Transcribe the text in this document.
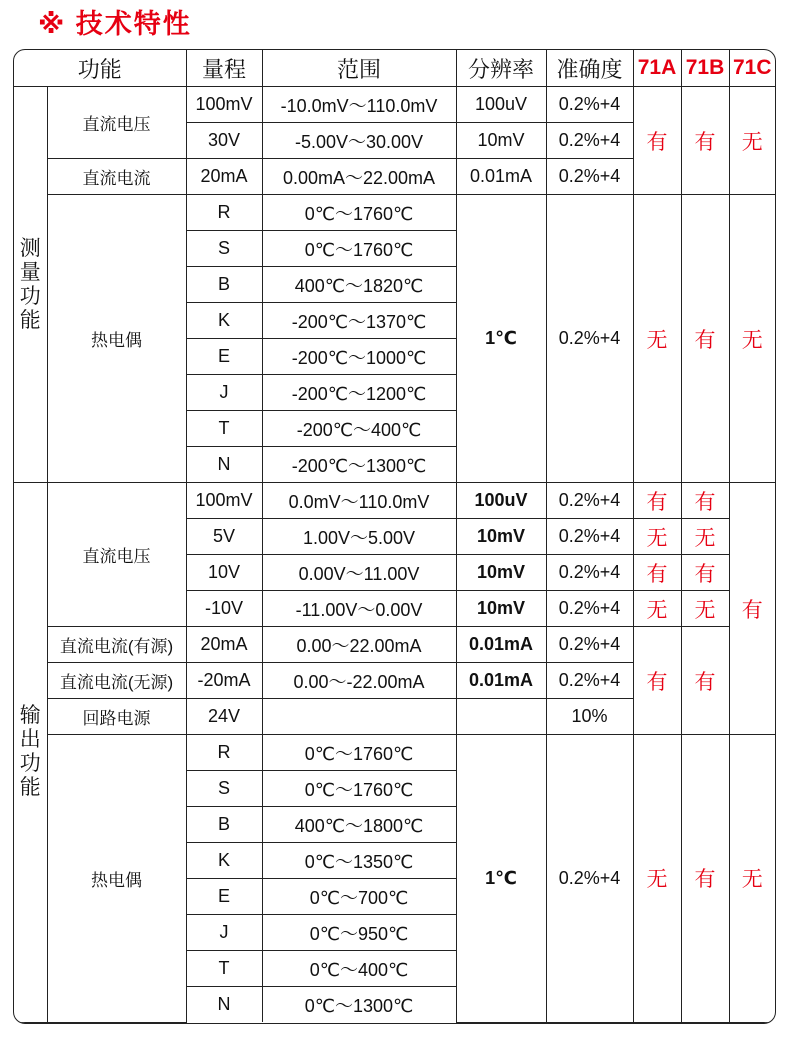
※ 技术特性
功能		量程	范围	分辨率	准确度	71A	71B	71C
测量功能	直流电压	100mV	-10.0mV～110.0mV	100uV	0.2%+4	有	有	无
		30V	-5.00V～30.00V	10mV	0.2%+4			
	直流电流	20mA	0.00mA～22.00mA	0.01mA	0.2%+4			
	热电偶	R	0℃～1760℃	1℃	0.2%+4	无	有	无
		S	0℃～1760℃					
		B	400℃～1820℃					
		K	-200℃～1370℃					
		E	-200℃～1000℃					
		J	-200℃～1200℃					
		T	-200℃～400℃					
		N	-200℃～1300℃					
输出功能	直流电压	100mV	0.0mV～110.0mV	100uV	0.2%+4	有	有	有
		5V	1.00V～5.00V	10mV	0.2%+4	无	无	
		10V	0.00V～11.00V	10mV	0.2%+4	有	有	
		-10V	-11.00V～0.00V	10mV	0.2%+4	无	无	
	直流电流(有源)	20mA	0.00～22.00mA	0.01mA	0.2%+4	有	有	
	直流电流(无源)	-20mA	0.00～-22.00mA	0.01mA	0.2%+4			
	回路电源	24V			10%			
	热电偶	R	0℃～1760℃	1℃	0.2%+4	无	有	无
		S	0℃～1760℃					
		B	400℃～1800℃					
		K	0℃～1350℃					
		E	0℃～700℃					
		J	0℃～950℃					
		T	0℃～400℃					
		N	0℃～1300℃					
